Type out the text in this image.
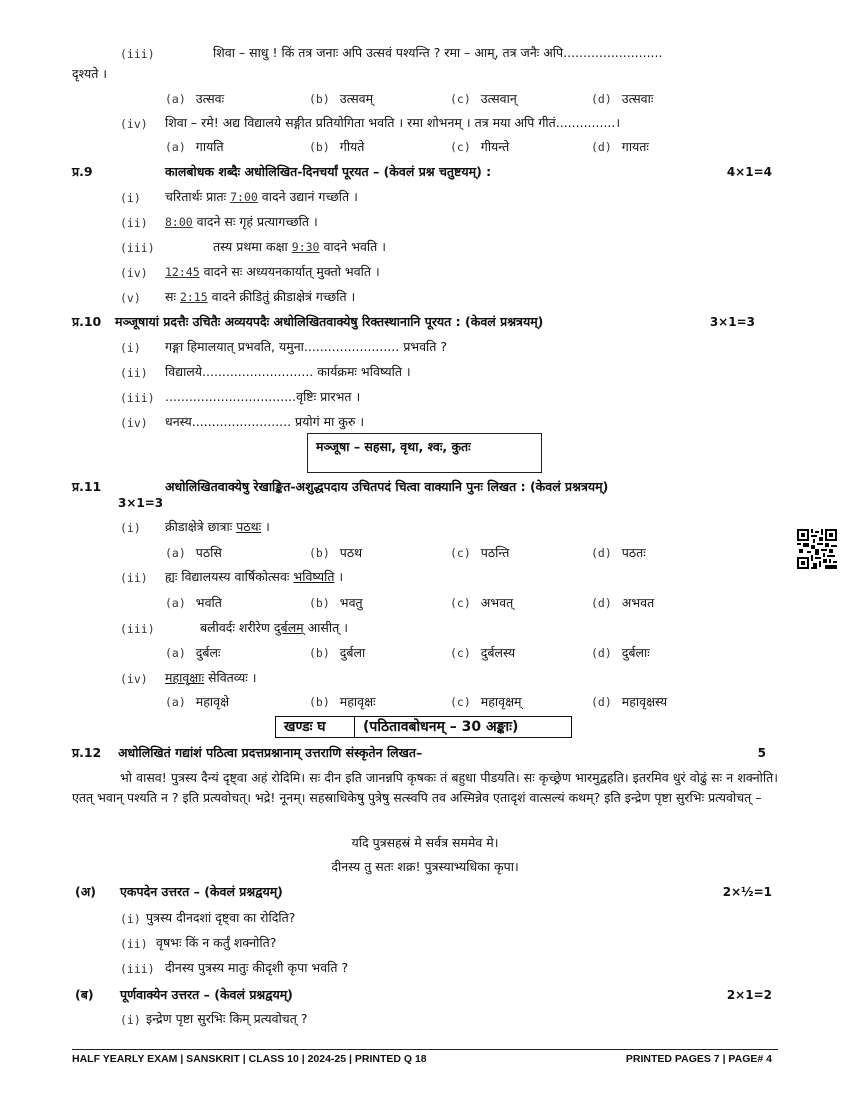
(iii)	शिवा – साधु ! किं तत्र जनाः अपि उत्सवं पश्यन्ति ? रमा – आम्, तत्र जनैः अपि.........................
दृश्यते ।
(a) उत्सवः	(b) उत्सवम्	(c) उत्सवान्	(d) उत्सवाः
(iv) शिवा – रमे! अद्य विद्यालये सङ्गीत प्रतियोगिता भवति । रमा शोभनम् । तत्र मया अपि गीतं...............।
(a) गायति	(b) गीयते	(c) गीयन्ते	(d) गायतः
प्र.9	कालबोधक शब्दैः अधोलिखित-दिनचर्यां पूरयत – (केवलं प्रश्न चतुष्टयम्) :	4×1=4
(i) चरितार्थः प्रातः 7:00 वादने उद्यानं गच्छति ।
(ii) 8:00 वादने सः गृहं प्रत्यागच्छति ।
(iii)	तस्य प्रथमा कक्षा 9:30 वादने भवति ।
(iv) 12:45 वादने सः अध्ययनकार्यात् मुक्तो भवति ।
(v) सः 2:15 वादने क्रीडितुं क्रीडाक्षेत्रं गच्छति ।
प्र.10 मञ्जूषायां प्रदत्तैः उचितैः अव्ययपदैः अधोलिखितवाक्येषु रिक्तस्थानानि पूरयत : (केवलं प्रश्नत्रयम्)	3×1=3
(i) गङ्गा हिमालयात् प्रभवति, यमुना........................ प्रभवति ?
(ii) विद्यालये............................ कार्यक्रमः भविष्यति ।
(iii) .................................वृष्टिः प्रारभत ।
(iv) धनस्य......................... प्रयोगं मा कुरु ।
मञ्जूषा – सहसा, वृथा, श्वः, कुतः
प्र.11	अधोलिखितवाक्येषु रेखाङ्कित-अशुद्धपदाय उचितपदं चित्वा वाक्यानि पुनः लिखत : (केवलं प्रश्नत्रयम्)
3×1=3
(i) क्रीडाक्षेत्रे छात्राः पठथः ।
(a) पठसि	(b) पठथ	(c) पठन्ति	(d) पठतः
(ii) ह्यः विद्यालयस्य वार्षिकोत्सवः भविष्यति ।
(a) भवति	(b) भवतु	(c) अभवत्	(d) अभवत
(iii)	बलीवर्दः शरीरेण दुर्बलम् आसीत् ।
(a) दुर्बलः	(b) दुर्बला	(c) दुर्बलस्य	(d) दुर्बलाः
(iv) महावृक्षाः सेवितव्यः ।
(a) महावृक्षे	(b) महावृक्षः	(c) महावृक्षम्	(d) महावृक्षस्य
खण्डः घ	(पठितावबोधनम् – 30 अङ्काः)
प्र.12 अधोलिखितं गद्यांशं पठित्वा प्रदत्तप्रश्नानाम् उत्तराणि संस्कृतेन लिखत–	5
भो वासव! पुत्रस्य दैन्यं दृष्ट्वा अहं रोदिमि। सः दीन इति जानन्नपि कृषकः तं बहुधा पीडयति। सः कृच्छ्रेण भारमुद्वहति। इतरमिव धुरं वोढुं सः न शक्नोति। एतत् भवान् पश्यति न ? इति प्रत्यवोचत्। भद्रे! नूनम्। सहस्राधिकेषु पुत्रेषु सत्स्वपि तव अस्मिन्नेव एतादृशं वात्सल्यं कथम्? इति इन्द्रेण पृष्टा सुरभिः प्रत्यवोचत् –
यदि पुत्रसहस्रं मे सर्वत्र सममेव मे।
दीनस्य तु सतः शक्र! पुत्रस्याभ्यधिका कृपा।
(अ) एकपदेन उत्तरत – (केवलं प्रश्नद्वयम्)	2×½=1
(i) पुत्रस्य दीनदशां दृष्ट्वा का रोदिति?
(ii) वृषभः किं न कर्तुं शक्नोति?
(iii) दीनस्य पुत्रस्य मातुः कीदृशी कृपा भवति ?
(ब) पूर्णवाक्येन उत्तरत – (केवलं प्रश्नद्वयम्)	2×1=2
(i) इन्द्रेण पृष्टा सुरभिः किम् प्रत्यवोचत् ?
HALF YEARLY EXAM | SANSKRIT | CLASS 10 | 2024-25 | PRINTED Q 18	PRINTED PAGES 7 | PAGE# 4
